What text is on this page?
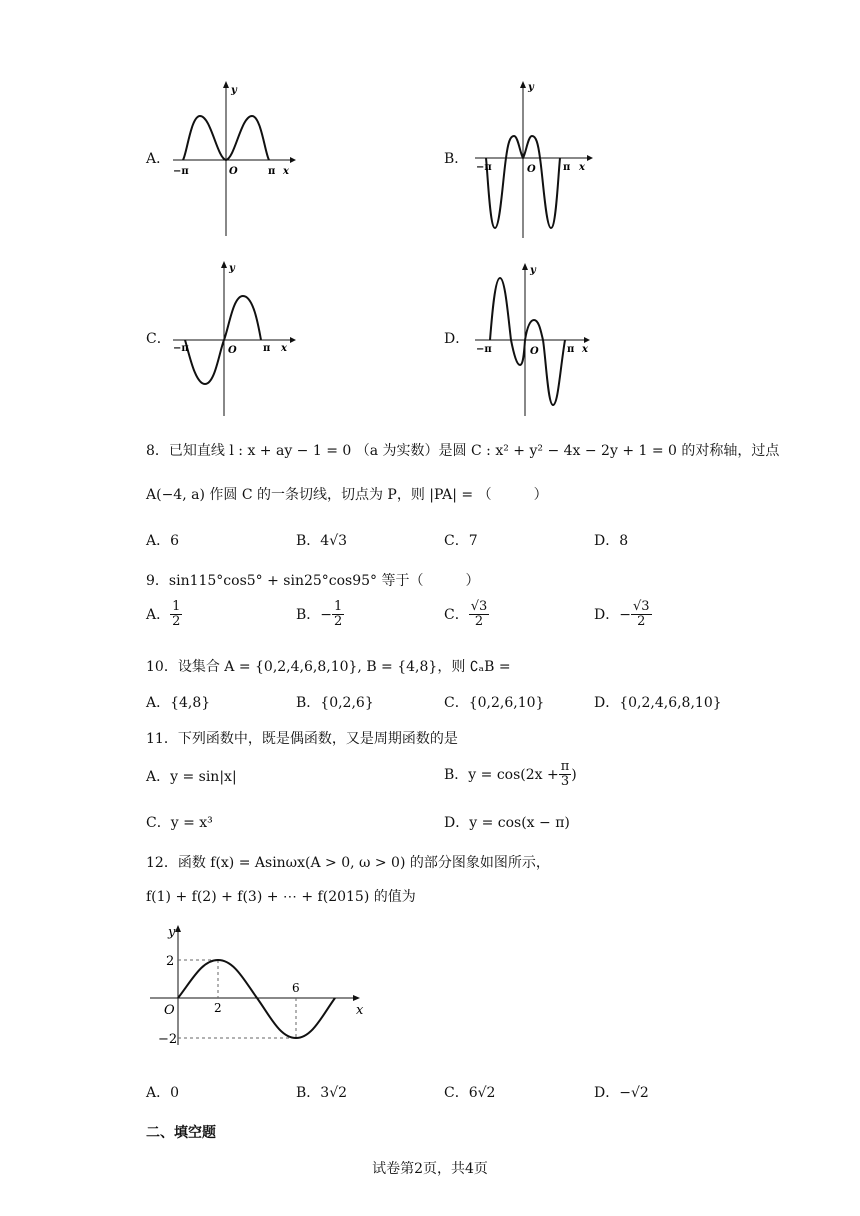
A．	B．
C．	D．
−π	π x
y
O	−π	π x
y
O
−π	π x
y
O	−π	π x
y
O
8．已知直线 l : x + ay − 1 = 0 （a 为实数）是圆 C : x² + y² − 4x − 2y + 1 = 0 的对称轴，过点
A(−4, a) 作圆 C 的一条切线，切点为 P，则 |PA| = （　　　）
A．6	B．4√3	C．7	D．8
9．sin115°cos5° + sin25°cos95° 等于（　　　）
A． $\frac{1}{2}$	B．− $\frac{1}{2}$	C． $\frac{√3}{2}$	D．− $\frac{√3}{2}$
10．设集合 A = {0,2,4,6,8,10}, B = {4,8}，则 ∁ₐB =
A．{4,8}	B．{0,2,6}	C．{0,2,6,10}	D．{0,2,4,6,8,10}
11．下列函数中，既是偶函数，又是周期函数的是
A．y = sin|x|	B．$y = \cos(2x + \frac{\pi}{3}$ )
C．y = x³	D．y = cos(x − π)
12．函数 f(x) = Asinωx(A > 0, ω > 0) 的部分图象如图所示，
f(1) + f(2) + f(3) + ⋯ + f(2015) 的值为
y
x
O
2
−2
2
6
A．0	B．3√2	C．6√2	D．−√2
二、填空题
试卷第2页，共4页
